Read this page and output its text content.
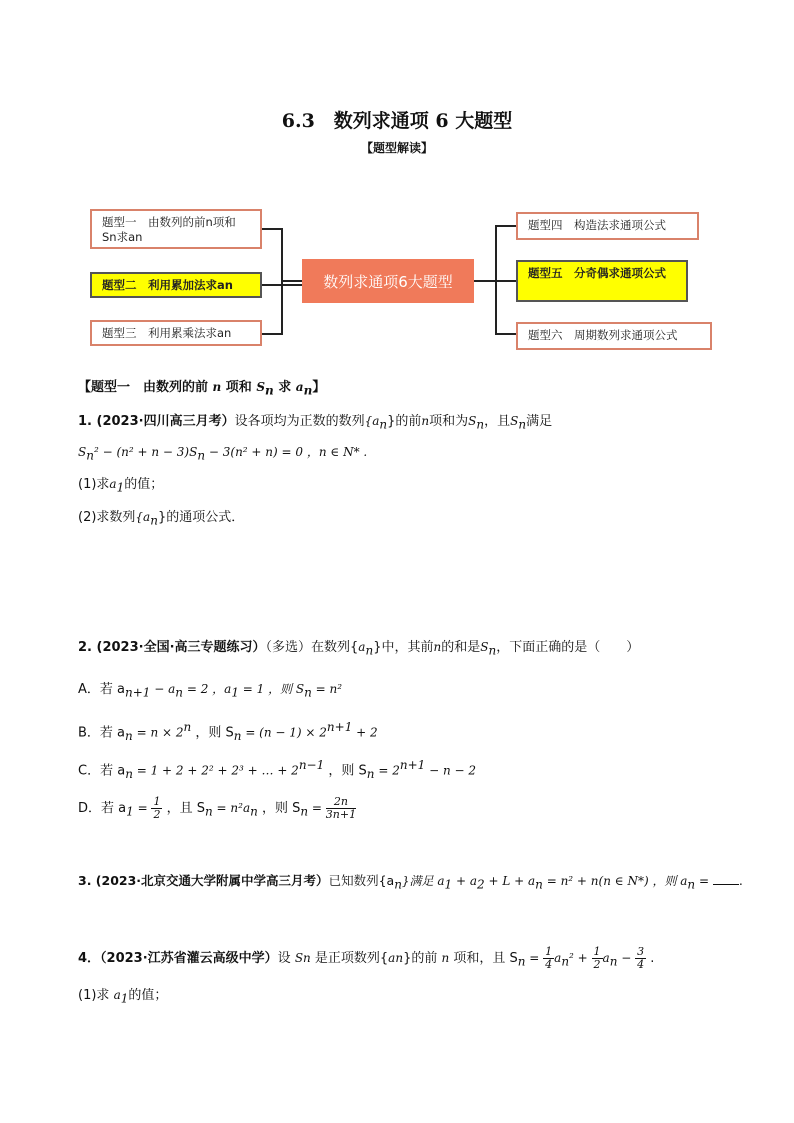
6.3　数列求通项 6 大题型
【题型解读】
题型一　由数列的前n项和Sn求an
题型二　利用累加法求an
题型三　利用累乘法求an
数列求通项6大题型
题型四　构造法求通项公式
题型五　分奇偶求通项公式
题型六　周期数列求通项公式
【题型一　由数列的前 n 项和 $S_n$ 求 $a_n$】
1. (2023·四川高三月考）设各项均为正数的数列$\{a_n\}$的前n项和为$S_n$，且$S_n$满足
$S_n^2 - (n^2 + n - 3)S_n - 3(n^2 + n) = 0$ ，n ∈ N* .
(1)求$a_1$的值；
(2)求数列$\{a_n\}$的通项公式．
2. (2023·全国·高三专题练习）（多选）在数列$\{a_n\}$中，其前n的和是$S_n$，下面正确的是（　　）
A．若 $a_{n+1} - a_n = 2$ ，$a_1 = 1$ ，则 $S_n = n^2$
B．若 $a_n = n \times 2^n$ ，则 $S_n = (n - 1) \times 2^{n+1} + 2$
C．若 $a_n = 1 + 2 + 2^2 + 2^3$ + … + $2^{n-1}$ ，则 $S_n = 2^{n+1} - n - 2$
D．若 $a_1 = \frac{1}{2}$ ，且 $S_n = n^2a_n$ ，则 $S_n = \frac{2n}{3n+1}$
3. (2023·北京交通大学附属中学高三月考）已知数列$\{a_n\}$满足 $a_1 + a_2 + L + a_n = n^2 + n(n$ ∈ N*) ，则 $a_n$ = .
4．（2023·江苏省灌云高级中学）设 Sn 是正项数列{an}的前 n 项和，且 $S_n = \frac{1}{4} a_n^2 + \frac{1}{2} a_n - \frac{3}{4}$ .
(1)求 $a_1$的值；
